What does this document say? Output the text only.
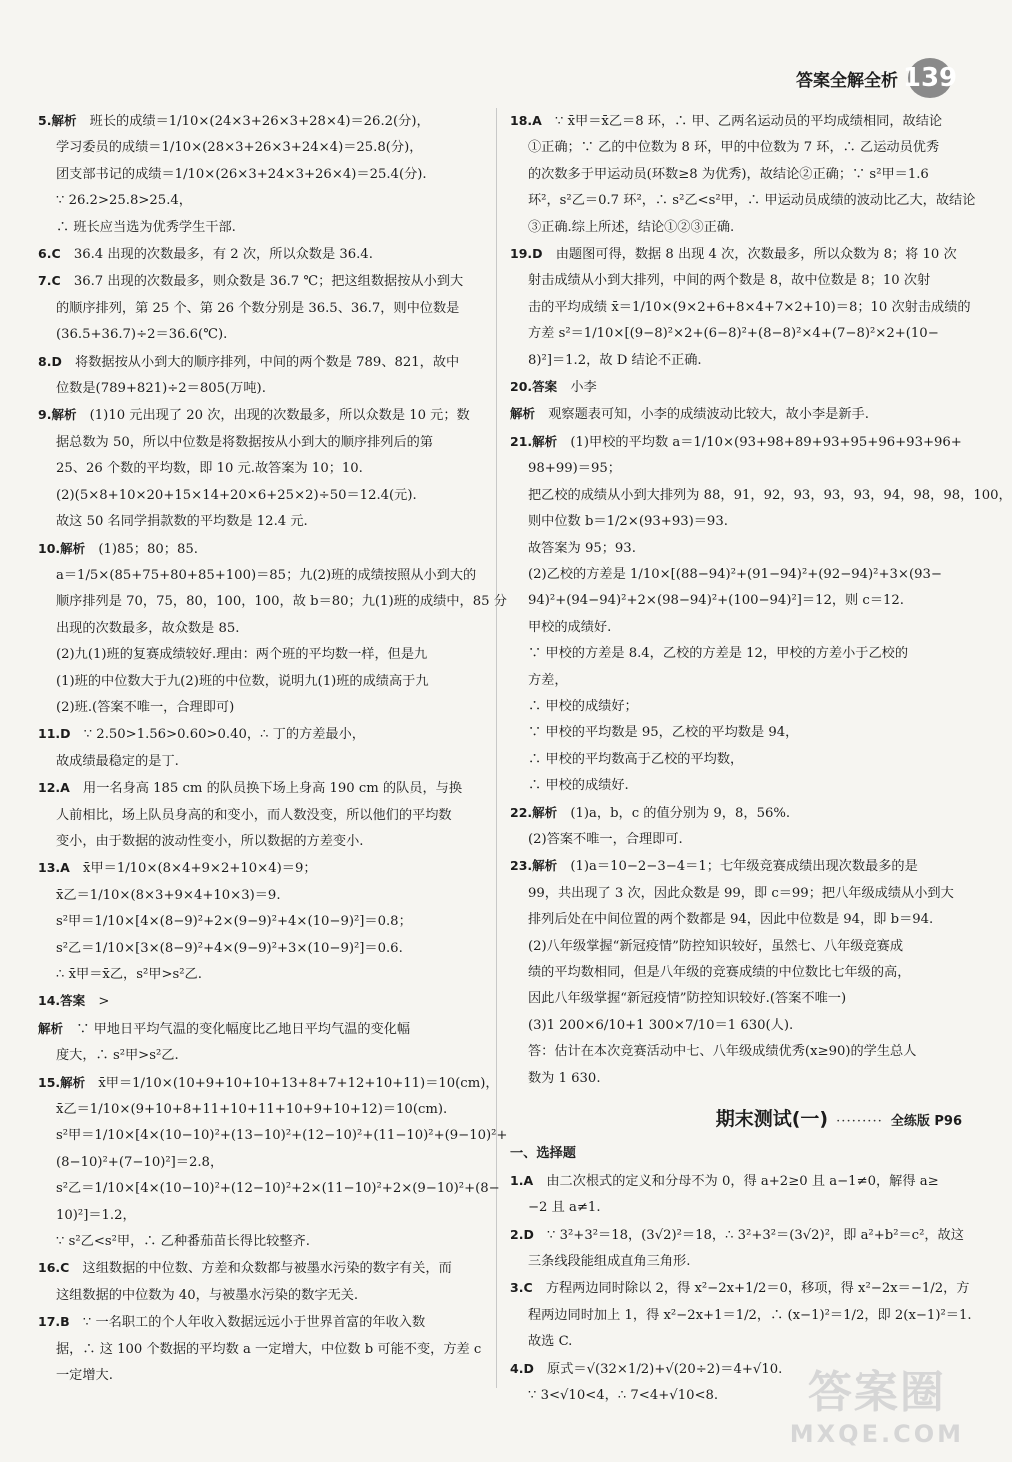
答案全解全析 139
5.解析  班长的成绩＝1/10×(24×3+26×3+28×4)＝26.2(分)，
学习委员的成绩＝1/10×(28×3+26×3+24×4)＝25.8(分)，
团支部书记的成绩＝1/10×(26×3+24×3+26×4)＝25.4(分).
∵ 26.2>25.8>25.4，
∴ 班长应当选为优秀学生干部.
6.C  36.4 出现的次数最多，有 2 次，所以众数是 36.4.
7.C  36.7 出现的次数最多，则众数是 36.7 ℃；把这组数据按从小到大
的顺序排列，第 25 个、第 26 个数分别是 36.5、36.7，则中位数是
(36.5+36.7)÷2＝36.6(℃).
8.D  将数据按从小到大的顺序排列，中间的两个数是 789、821，故中
位数是(789+821)÷2＝805(万吨).
9.解析  (1)10 元出现了 20 次，出现的次数最多，所以众数是 10 元；数
据总数为 50，所以中位数是将数据按从小到大的顺序排列后的第
25、26 个数的平均数，即 10 元.故答案为 10；10.
(2)(5×8+10×20+15×14+20×6+25×2)÷50＝12.4(元).
故这 50 名同学捐款数的平均数是 12.4 元.
10.解析  (1)85；80；85.
a＝1/5×(85+75+80+85+100)＝85；九(2)班的成绩按照从小到大的
顺序排列是 70，75，80，100，100，故 b＝80；九(1)班的成绩中，85 分
出现的次数最多，故众数是 85.
(2)九(1)班的复赛成绩较好.理由：两个班的平均数一样，但是九
(1)班的中位数大于九(2)班的中位数，说明九(1)班的成绩高于九
(2)班.(答案不唯一，合理即可)
11.D  ∵ 2.50>1.56>0.60>0.40，∴ 丁的方差最小，
故成绩最稳定的是丁.
12.A  用一名身高 185 cm 的队员换下场上身高 190 cm 的队员，与换
人前相比，场上队员身高的和变小，而人数没变，所以他们的平均数
变小，由于数据的波动性变小，所以数据的方差变小.
13.A  x̄甲＝1/10×(8×4+9×2+10×4)＝9；
x̄乙＝1/10×(8×3+9×4+10×3)＝9.
s²甲＝1/10×[4×(8−9)²+2×(9−9)²+4×(10−9)²]＝0.8；
s²乙＝1/10×[3×(8−9)²+4×(9−9)²+3×(10−9)²]＝0.6.
∴ x̄甲＝x̄乙，s²甲>s²乙.
14.答案  >
解析  ∵ 甲地日平均气温的变化幅度比乙地日平均气温的变化幅
度大，∴ s²甲>s²乙.
15.解析  x̄甲＝1/10×(10+9+10+10+13+8+7+12+10+11)＝10(cm)，
x̄乙＝1/10×(9+10+8+11+10+11+10+9+10+12)＝10(cm).
s²甲＝1/10×[4×(10−10)²+(13−10)²+(12−10)²+(11−10)²+(9−10)²+
(8−10)²+(7−10)²]＝2.8，
s²乙＝1/10×[4×(10−10)²+(12−10)²+2×(11−10)²+2×(9−10)²+(8−
10)²]＝1.2，
∵ s²乙<s²甲，∴ 乙种番茄苗长得比较整齐.
16.C  这组数据的中位数、方差和众数都与被墨水污染的数字有关，而
这组数据的中位数为 40，与被墨水污染的数字无关.
17.B  ∵ 一名职工的个人年收入数据远远小于世界首富的年收入数
据，∴ 这 100 个数据的平均数 a 一定增大，中位数 b 可能不变，方差 c
一定增大.
18.A  ∵ x̄甲＝x̄乙＝8 环，∴ 甲、乙两名运动员的平均成绩相同，故结论
①正确；∵ 乙的中位数为 8 环，甲的中位数为 7 环，∴ 乙运动员优秀
的次数多于甲运动员(环数≥8 为优秀)，故结论②正确；∵ s²甲＝1.6
环²，s²乙＝0.7 环²，∴ s²乙<s²甲，∴ 甲运动员成绩的波动比乙大，故结论
③正确.综上所述，结论①②③正确.
19.D  由题图可得，数据 8 出现 4 次，次数最多，所以众数为 8；将 10 次
射击成绩从小到大排列，中间的两个数是 8，故中位数是 8；10 次射
击的平均成绩 x̄＝1/10×(9×2+6+8×4+7×2+10)＝8；10 次射击成绩的
方差 s²＝1/10×[(9−8)²×2+(6−8)²+(8−8)²×4+(7−8)²×2+(10−
8)²]＝1.2，故 D 结论不正确.
20.答案  小李
解析  观察题表可知，小李的成绩波动比较大，故小李是新手.
21.解析  (1)甲校的平均数 a＝1/10×(93+98+89+93+95+96+93+96+
98+99)＝95；
把乙校的成绩从小到大排列为 88，91，92，93，93，93，94，98，98，100，
则中位数 b＝1/2×(93+93)＝93.
故答案为 95；93.
(2)乙校的方差是 1/10×[(88−94)²+(91−94)²+(92−94)²+3×(93−
94)²+(94−94)²+2×(98−94)²+(100−94)²]＝12，则 c＝12.
甲校的成绩好.
∵ 甲校的方差是 8.4，乙校的方差是 12，甲校的方差小于乙校的
方差，
∴ 甲校的成绩好；
∵ 甲校的平均数是 95，乙校的平均数是 94，
∴ 甲校的平均数高于乙校的平均数，
∴ 甲校的成绩好.
22.解析  (1)a，b，c 的值分别为 9，8，56%.
(2)答案不唯一，合理即可.
23.解析  (1)a＝10−2−3−4＝1；七年级竞赛成绩出现次数最多的是
99，共出现了 3 次，因此众数是 99，即 c＝99；把八年级成绩从小到大
排列后处在中间位置的两个数都是 94，因此中位数是 94，即 b＝94.
(2)八年级掌握“新冠疫情”防控知识较好，虽然七、八年级竞赛成
绩的平均数相同，但是八年级的竞赛成绩的中位数比七年级的高，
因此八年级掌握“新冠疫情”防控知识较好.(答案不唯一)
(3)1 200×6/10+1 300×7/10＝1 630(人).
答：估计在本次竞赛活动中七、八年级成绩优秀(x≥90)的学生总人
数为 1 630.
期末测试(一) ········· 全练版 P96
一、选择题
1.A  由二次根式的定义和分母不为 0，得 a+2≥0 且 a−1≠0，解得 a≥
−2 且 a≠1.
2.D  ∵ 3²+3²＝18，(3√2)²＝18，∴ 3²+3²＝(3√2)²，即 a²+b²＝c²，故这
三条线段能组成直角三角形.
3.C  方程两边同时除以 2，得 x²−2x+1/2＝0，移项，得 x²−2x＝−1/2，方
程两边同时加上 1，得 x²−2x+1＝1/2，∴ (x−1)²＝1/2，即 2(x−1)²＝1.
故选 C.
4.D  原式＝√(32×1/2)+√(20÷2)＝4+√10.
∵ 3<√10<4，∴ 7<4+√10<8.	答案圈
MXQE.COM
